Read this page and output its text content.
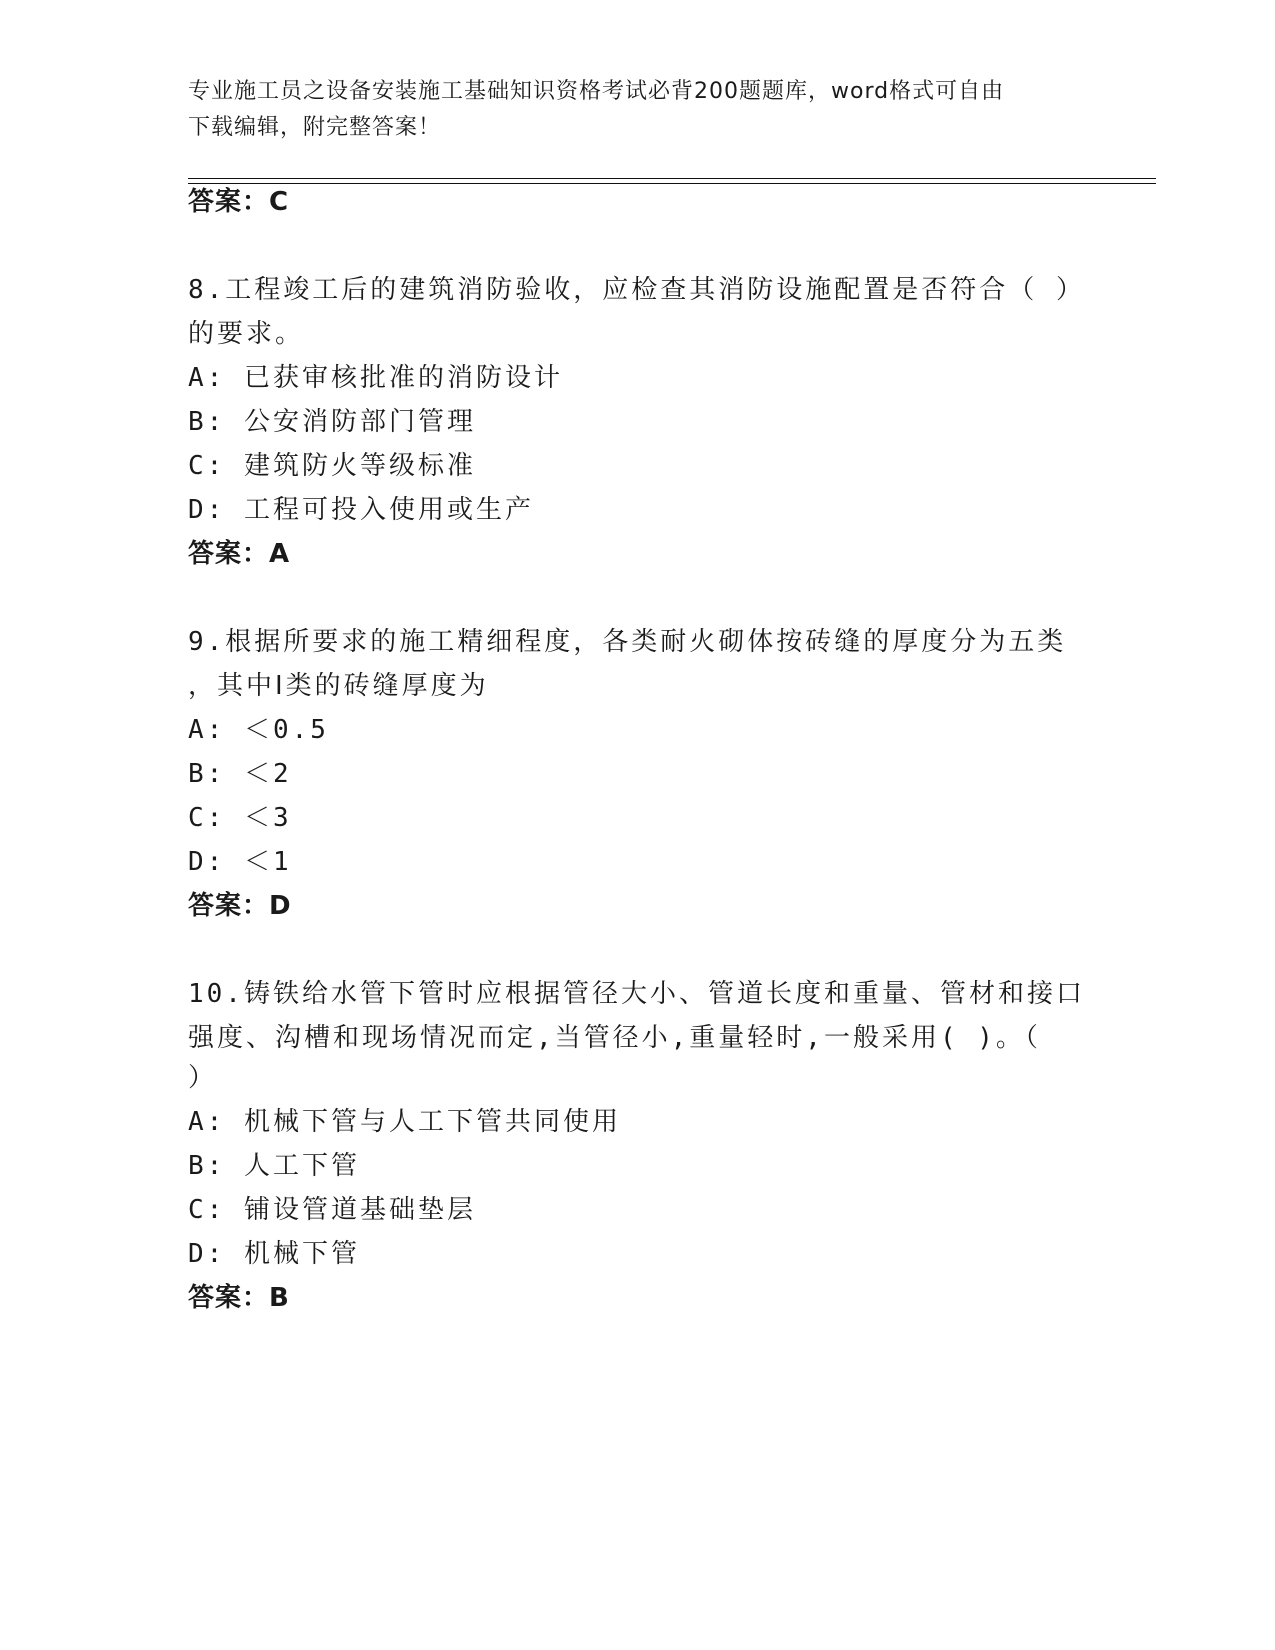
专业施工员之设备安装施工基础知识资格考试必背200题题库，word格式可自由
下载编辑，附完整答案！
答案：C
8.工程竣工后的建筑消防验收，应检查其消防设施配置是否符合（ ）
的要求。
A: 已获审核批准的消防设计
B: 公安消防部门管理
C: 建筑防火等级标准
D: 工程可投入使用或生产
答案：A
9.根据所要求的施工精细程度，各类耐火砌体按砖缝的厚度分为五类
，其中Ⅰ类的砖缝厚度为
A: ＜0.5
B: ＜2
C: ＜3
D: ＜1
答案：D
10.铸铁给水管下管时应根据管径大小、管道长度和重量、管材和接口
强度、沟槽和现场情况而定,当管径小,重量轻时,一般采用( )。（
）
A: 机械下管与人工下管共同使用
B: 人工下管
C: 铺设管道基础垫层
D: 机械下管
答案：B
